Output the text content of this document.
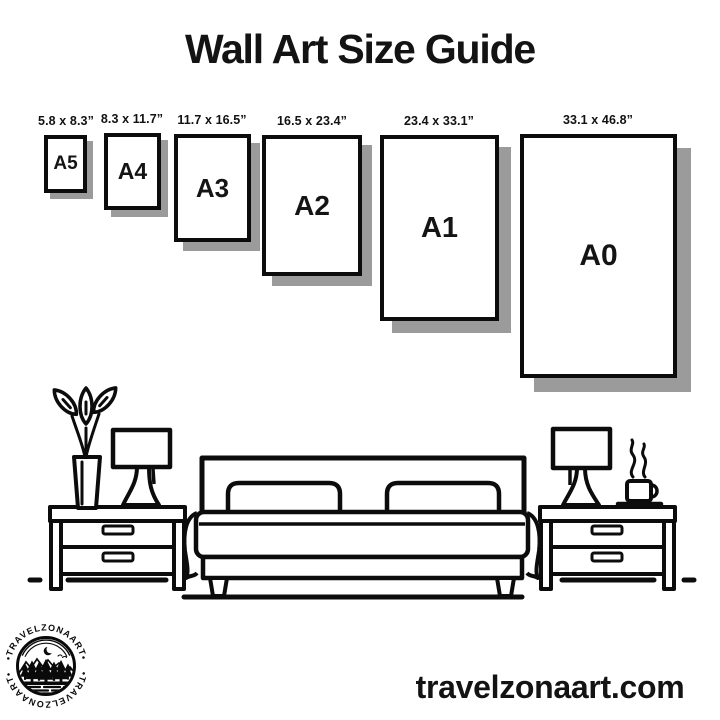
Wall Art Size Guide
5.8 x 8.3” 8.3 x 11.7”	11.7 x 16.5”	16.5 x 23.4”	23.4 x 33.1”	33.1 x 46.8”
A5 A4
A3
A2
A1
A0
•TRAVELZONAART•
•TRAVELZONAART•	travelzonaart.com
